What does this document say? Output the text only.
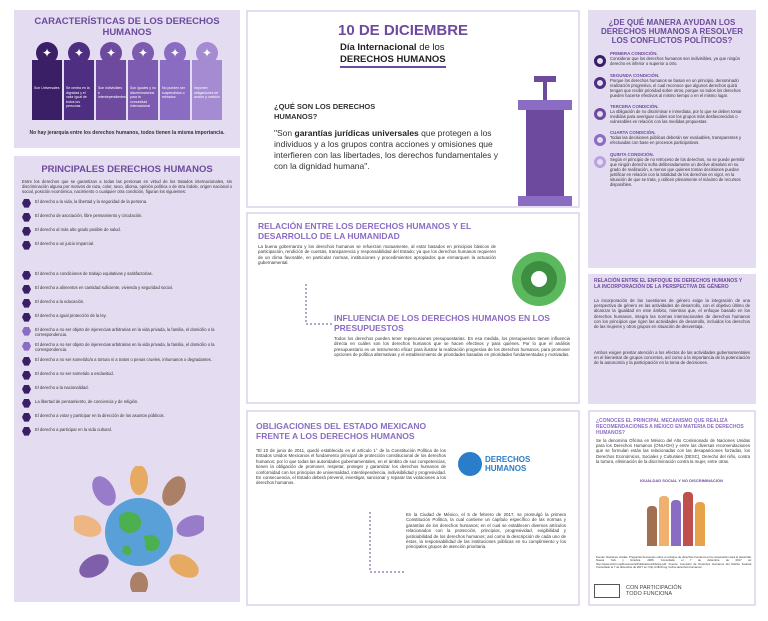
CARACTERÍSTICAS DE LOS DERECHOS HUMANOS
✦
Son Universales
✦
Se centra en la dignidad y el valor igual de todos los personas
✦
Son indivisibles e interdependientes
✦
Son iguales y no discriminatorios para la comunidad internacional
✦
No pueden ser suspendidos o retirados
✦
Imponen obligaciones de acción y omisión
No hay jerarquía entre los derechos humanos, todos tienen la misma importancia.
PRINCIPALES DERECHOS HUMANOS
Entre los derechos que se garantizan a todas las personas en virtud de los tratados internacionales, sin discriminación alguna por motivos de raza, color, sexo, idioma, opinión política o de otra índole, origen nacional o social, posición económica, nacimiento o cualquier otra condición, figuran los siguientes:
El derecho a la vida, la libertad y la seguridad de la persona.
El derecho de asociación, libre pensamiento y circulación.
El derecho al más alto grado posible de salud.
El derecho a un juicio imparcial.
El derecho a condiciones de trabajo equitativas y satisfactorias.
El derecho a alimentos en cantidad suficiente, vivienda y seguridad social.
El derecho a la educación.
El derecho a igual protección de la ley.
El derecho a no ser objeto de injerencias arbitrarias en la vida privada, la familia, el domicilio o la correspondencia.
El derecho a no ser objeto de injerencias arbitrarias en la vida privada, la familia, el domicilio o la correspondencia.
El derecho a no ser sometido/a a tortura ni a tratos o penas crueles, inhumanos o degradantes.
El derecho a no ser sometido a esclavitud.
El derecho a la nacionalidad.
La libertad de pensamiento, de conciencia y de religión.
El derecho a votar y participar en la dirección de los asuntos públicos.
El derecho a participar en la vida cultural.
10 DE DICIEMBRE
Día Internacional de los
DERECHOS HUMANOS
¿QUÉ SON LOS DERECHOS HUMANOS?
"Son garantías jurídicas universales que protegen a los individuos y a los grupos contra acciones y omisiones que interfieren con las libertades, los derechos fundamentales y con la dignidad humana".
RELACIÓN ENTRE LOS DERECHOS HUMANOS Y EL DESARROLLO DE LA HUMANIDAD
La buena gobernanza y los derechos humanos se refuerzan mutuamente, al estar basados en principios básicos de participación, rendición de cuentas, transparencia y responsabilidad del Estado; ya que los derechos humanos requieren de un clima favorable, en particular normas, instituciones y procedimientos apropiados que enmarquen la actuación gubernamental.
INFLUENCIA DE LOS DERECHOS HUMANOS EN LOS PRESUPUESTOS
Todos los derechos pueden tener repercusiones presupuestarias. En esa medida, los presupuestos tienen influencia directa en cuáles son los derechos humanos que se hacen efectivos y para quiénes. Por lo que el análisis presupuestario es un instrumento eficaz para ilustrar la realización progresiva de los derechos humanos, para promover opciones de política alternativas y el establecimiento de prioridades basadas en prioridades fundamentadas y motivadas.
OBLIGACIONES DEL ESTADO MEXICANO FRENTE A LOS DERECHOS HUMANOS
"El 10 de junio de 2011, quedó establecido en el artículo 1° de la Constitución Política de los Estados Unidos Mexicanos el fundamento principal de protección constitucional de los derechos humanos; por lo que todas las autoridades gubernamentales, en el ámbito de sus competencias, tienen la obligación de promover, respetar, proteger y garantizar los derechos humanos de conformidad con los principios de universalidad, interdependencia, indivisibilidad y progresividad. En consecuencia, el Estado deberá prevenir, investigar, sancionar y reparar las violaciones a los derechos humanos.
DERECHOS
HUMANOS
En la Ciudad de México, el 5 de febrero de 2017, se promulgó la primera Constitución Política, la cual contiene un capítulo específico de las normas y garantías de los derechos humanos; en el cual se establecen diversos artículos relacionados con la protección, principios, progresividad, exigibilidad y justiciabilidad de los derechos humanos; así como la descripción de cada uno de éstos, la responsabilidad de las instituciones públicas en su cumplimiento y los principales grupos de atención prioritaria.
¿DE QUÉ MANERA AYUDAN LOS DERECHOS HUMANOS A RESOLVER LOS CONFLICTOS POLÍTICOS?
PRIMERA CONDICIÓN.
Considerar que los derechos humanos son indivisibles, ya que ningún derecho es inferior o superior a otro.
SEGUNDA CONDICIÓN.
Porque los derechos humanos se basan en un principio, denominado realización progresiva, el cual reconoce que algunos derechos quizá tengan que recibir prioridad sobre otros, porque no todos los derechos pueden hacerse efectivos al mismo tiempo o en el mismo lugar.
TERCERA CONDICIÓN.
La obligación de no discriminar e inmediata, por lo que se deben tomar medidas para averiguar cuáles son los grupos más desfavorecidos o vulnerables en relación con las medidas propuestas.
CUARTA CONDICIÓN.
Todas las decisiones públicas deberán ser evaluables, transparentes y efectuadas con base en procesos participativos.
QUINTA CONDICIÓN.
Según el principio de no retroceso de los derechos, no se puede permitir que ningún derecho sufra deliberadamente un declive absoluto en su grado de realización, a menos que quienes toman decisiones puedan justificar en relación con la totalidad de los derechos en vigor, en la situación de que se trata, y utilicen plenamente el máximo de recursos disponibles.
RELACIÓN ENTRE EL ENFOQUE DE DERECHOS HUMANOS Y LA INCORPORACIÓN DE LA PERSPECTIVA DE GÉNERO
La incorporación de las cuestiones de género exige la integración de una perspectiva de género en las actividades de desarrollo, con el objetivo último de alcanzar la igualdad en este ámbito, mientras que, el enfoque basado en los derechos humanos, integra las normas internacionales de derechos humanos con los principios que rigen las actividades de desarrollo, incluidos los derechos de las mujeres y otros grupos en situación de desventaja.
Ambos exigen prestar atención a los efectos de las actividades gubernamentales en el bienestar de grupos concretos, así como a la importancia de la potenciación de la autonomía y la participación en la toma de decisiones.
¿CONOCES EL PRINCIPAL MECANISMO QUE REALIZA RECOMENDACIONES A MÉXICO EN MATERIA DE DERECHOS HUMANOS?
Se la denomina Oficina en México del Alto Comisionado de Naciones Unidas para los Derechos Humanos (ONU-DH) y entre las diversas recomendaciones que se formulan están las relacionadas con las desapariciones forzadas, los Derechos Económicos, Sociales y Culturales (DESC), Derecho del niño, contra la tortura, eliminación de la discriminación contra la mujer, entre otras.
IGUALDAD SOCIAL Y NO DISCRIMINACIÓN
Fuente: Naciones Unidas. Preguntas frecuentes sobre el enfoque de derechos humanos en la cooperación para el desarrollo. Nueva York y Ginebra, 2006. Consultado el 7 de diciembre de 2017 en: http://www.ohchr.org/Documents/Publications/FAQsp.pdf. Fuente: Comisión de Derechos Humanos del Distrito Federal. Consultado el 7 de diciembre de 2017 en: http://cdhdf.org.mx/los-derechos-humanos/
CON PARTICIPACIÓN
TODO FUNCIONA
